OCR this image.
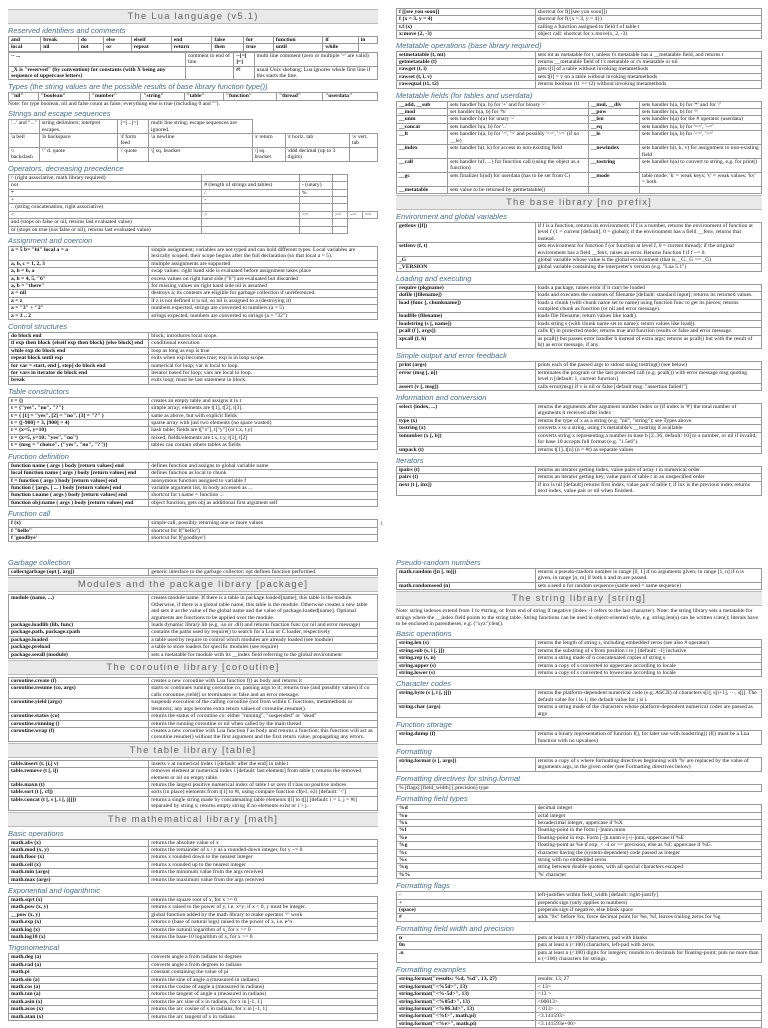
The Lua language (v5.1)
Reserved identifiers and comments
and	break	do	else	elseif	end	false	for	function	if	in
local	nil	not	or	repeat	return	then	true	until	while	
-- ...	comment to end of line	--[=[ ]=]	multi line comment (zero or multiple '=' are valid)
_X is "reserved" (by convention) for constants (with X being any sequence of uppercase letters)		#!	usual Unix shebang; Lua ignores whole first line if this starts the line.
Types (the string values are the possible results of base library function type())
"nil"	"boolean"	"number"	"string"	"table"	"function"	"thread"	"userdata"
Note: for type boolean, nil and false count as false; everything else is true (including 0 and "").
Strings and escape sequences
'...' and "..."	string delimiters; interpret escapes.	[=[...]=]	multi line string; escape sequences are ignored.			
\a bell	\b backspace	\f form feed	\n newline	\r return	\t horiz. tab	\v vert. tab
\\ backslash	\" d. quote	\' quote	\[ sq. bracket	\] sq. bracket	\ddd decimal (up to 3 digits)	
Operators, decreasing precedence
^ (right associative, math library required)					
not	# (length of strings and tables)	- (unary)			
*	/	%			
+	-				
.. (string concatenation, right associative)					
<	>	<=	>=	~=	==
and (stops on false or nil, returns last evaluated value)					
or (stops on true (not false or nil), returns last evaluated value)					
Assignment and coercion
a = 5 b= "hi" local a = a	simple assignment; variables are not typed and can hold different types. Local variables are lexically scoped; their scope begins after the full declaration (so that local a = 5).
a, b, c = 1, 2, 3	multiple assignments are supported
a, b = b, a	swap values: right hand side is evaluated before assignment takes place
a, b = 4, 5, "6"	excess values on right hand side ("6") are evaluated but discarded
a, b = "there"	for missing values on right hand side nil is assumed
a = nil	destroys a; its contents are eligible for garbage collection if unreferenced.
a = z	if z is not defined it is nil, so nil is assigned to a (destroying it)
a = "3" + "2"	numbers expected, strings are converted to numbers (a = 5)
a = 3 .. 2	strings expected, numbers are converted to strings (a = "32")
Control structures
do block end	block; introduces local scope.
if exp then block {elseif exp then block} [else block] end	conditional execution
while exp do block end	loop as long as exp is true
repeat block until exp	exits when exp becomes true; exp is in loop scope.
for var = start, end [, step] do block end	numerical for loop; var is local to loop.
for vars in iterator do block end	iterator based for loop; vars are local to loop.
break	exits loop; must be last statement in block.
Table constructors
t = {}	creates an empty table and assigns it to t
t = {"yes", "no", "?"}	simple array; elements are t[1], t[2], t[3].
t = { [1] = "yes", [2] = "no", [3] = "?" }	same as above, but with explicit fields
t = {[-900] = 3, [900] = 4}	sparse array with just two elements (no space wasted)
t = {x=5, y=10}	hash table; fields are t["x"], t["y"] (or t.x, t.y)
t = {x=5, y=10; "yes", "no"}	mixed, fields/elements are t.x, t.y, t[1], t[2]
t = {msg = "choice", {"yes", "no", "?"}}	tables can contain others tables as fields
Function definition
function name ( args ) body [return values] end	defines function and assigns to global variable name
local function name ( args ) body [return values] end	defines function as local to chunk
f = function ( args ) body [return values] end	anonymous function assigned to variable f
function ( [args, ] ... ) body [return values] end	variable argument list, in body accessed as ...
function t.name ( args ) body [return values] end	shortcut for t.name = function ...
function obj:name ( args ) body [return values] end	object function, gets obj as additional first argument self
Function call
f (x)	simple call, possibly returning one or more values
f "hello"	shortcut for f("hello")
f 'goodbye'	shortcut for f('goodbye')
f [[see you soon]]	shortcut for f([[see you soon]])
f {x = 3, y = 4}	shortcut for f({x = 3, y = 4})
t.f (x)	calling a function assigned to field f of table t
x:move (2, -3)	object call: shortcut for x.move(x, 2, -3)
Metatable operations (base library required)
setmetatable (t, mt)	sets mt as metatable for t, unless t's metatable has a __metatable field, and returns t
getmetatable (t)	returns __metatable field of t's metatable or t's metatable or nil
rawget (t, i)	gets t[i] of a table without invoking metamethods
rawset (t, i, v)	sets t[i] = v on a table without invoking metamethods
rawequal (t1, t2)	returns boolean (t1 == t2) without invoking metamethods
Metatable fields (for tables and userdata)
__add, __sub	sets handler h(a, b) for '+' and for binary '-'	__mul, __div	sets handler h(a, b) for '*' and for '/'
__mod	set handler h(a, b) for '%'	__pow	sets handler h(a, b) for '^'
__unm	sets handler h(a) for unary '-'	__len	sets handler h(a) for the # operator (userdata)
__concat	sets handler h(a, b) for '..'	__eq	sets handler h(a, b) for '==', '~='
__lt	sets handler h(a, b) for '<', '>' and possibly '<=', '>=' (if no __le)	__le	sets handler h(a, b) for '<=', '>='
__index	sets handler h(t, k) for access to non-existing field	__newindex	sets handler h(t, k, v) for assignment to non-existing field
__call	sets handler h(f, ...) for function call (using the object as a function)	__tostring	sets handler h(a) to convert to string, e.g. for print()
__gc	sets finalizer h(ud) for userdata (has to be set from C)	__mode	table mode: 'k' = weak keys; 'v' = weak values; 'kv' = both.
__metatable	sets value to be returned by getmetatable()		
The base library [no prefix]
Environment and global variables
getfenv ([f])	if f is a function, returns its environment; if f is a number, returns the environment of function at level f (1 = current [default], 0 = global); if the environment has a field __fenv, returns that instead.
setfenv (f, t)	sets environment for function f (or function at level f, 0 = current thread); if the original environment has a field __fenv, raises an error. Returns function f if f ~= 0.
_G	global variable whose value is the global environment (that is, _G._G == _G)
_VERSION	global variable containing the interpreter's version (e.g. "Lua 5.1")
Loading and executing
require (pkgname)	loads a package, raises error if it can't be loaded
dofile ([filename])	loads and executes the contents of filename [default: standard input]; returns its returned values.
load (func [, chunkname])	loads a chunk (with chunk name set to name) using function func to get its pieces; returns compiled chunk as function (or nil and error message).
loadfile (filename)	loads file filename; return values like load().
loadstring (s [, name])	loads string s (with chunk name set to name); return values like load().
pcall (f [, args])	calls f() in protected mode; returns true and function results or false and error message.
xpcall (f, h)	as pcall() but passes error handler h instead of extra args; returns as pcall() but with the result of h() as error message, if any.
Simple output and error feedback
print (args)	prints each of the passed args to stdout using tostring() (see below)
error (msg [, n])	terminates the program or the last protected call (e.g. pcall()) with error message msg quoting level n [default: 1, current function]
assert (v [, msg])	calls error(msg) if v is nil or false [default msg: "assertion failed!"]
Information and conversion
select (index, ...)	returns the arguments after argument number index or (if index is '#') the total number of arguments it received after index
type (x)	returns the type of x as a string (e.g. "nil", "string"); see Types above.
tostring (x)	converts x to a string, using t's metatable's __tostring if available
tonumber (x [, b])	converts string x representing a number in base b [2..36, default: 10] to a number, or nil if invalid; for base 10 accepts full format (e.g. "1.5e6").
unpack (t)	returns t[1]..t[n] (n = #t) as separate values
Iterators
ipairs (t)	returns an iterator getting index, value pairs of array t in numerical order
pairs (t)	returns an iterator getting key, value pairs of table t in an unspecified order
next (t [, inx])	if inx is nil [default] returns first index, value pair of table t; if inx is the previous index returns next index, value pair or nil when finished.
1
Garbage collection
collectgarbage (opt [, arg])	generic interface to the garbage collector; opt defines function performed.
Modules and the package library [package]
module (name, ...)	creates module name. If there is a table in package.loaded[name], this table is the module. Otherwise, if there is a global table name, this table is the module. Otherwise creates a new table and sets it as the value of the global name and the value of package.loaded[name]. Optional arguments are functions to be applied over the module.
package.loadlib (lib, func)	loads dynamic library lib (e.g. .so or .dll) and returns function func (or nil and error message)
package.path, package.cpath	contains the paths used by require() to search for a Lua or C loader, respectively
package.loaded	a table used by require to control which modules are already loaded (see module)
package.preload	a table to store loaders for specific modules (see require)
package.seeall (module)	sets a metatable for module with its __index field referring to the global environment
The coroutine library [coroutine]
coroutine.create (f)	creates a new coroutine with Lua function f() as body and returns it
coroutine.resume (co, args)	starts or continues running coroutine co, passing args to it; returns true (and possibly values) if co calls coroutine.yield() or terminates or false and an error message.
coroutine.yield (args)	suspends execution of the calling coroutine (not from within C functions, metamethods or iterators); any args become extra return values of coroutine.resume().
coroutine.status (co)	returns the status of coroutine co: either "running", "suspended" or "dead"
coroutine.running ()	returns the running coroutine or nil when called by the main thread
coroutine.wrap (f)	creates a new coroutine with Lua function f as body and returns a function; this function will act as coroutine.resume() without the first argument and the first return value, propagating any errors.
The table library [table]
table.insert (t, [i,] v)	inserts v at numerical index i [default: after the end] in table t
table.remove (t [, i])	removes element at numerical index i [default: last element] from table t; returns the removed element or nil on empty table.
table.maxn (t)	returns the largest positive numerical index of table t or zero if t has no positive indices
table.sort (t [, cf])	sorts (in place) elements from t[1] to #t, using compare function cf(e1, e2) [default: '<']
table.concat (t [, s [, i [, j]]])	returns a single string made by concatenating table elements t[i] to t[j] [default: i = 1, j = #t] separated by string s; returns empty string if no elements exist or i > j.
The mathematical library [math]
Basic operations
math.abs (x)	returns the absolute value of x
math.mod (x, y)	returns the remainder of x / y as a rounded-down integer, for y ~= 0
math.floor (x)	returns x rounded down to the nearest integer
math.ceil (x)	returns x rounded up to the nearest integer
math.min (args)	returns the minimum value from the args received
math.max (args)	returns the maximum value from the args received
Exponential and logarithmic
math.sqrt (x)	returns the square root of x, for x >= 0
math.pow (x, y)	returns x raised to the power of y, i.e. x^y; if x < 0, y must be integer.
__pow (x, y)	global function added by the math library to make operator '^' work
math.exp (x)	returns e (base of natural logs) raised to the power of x, i.e. e^x
math.log (x)	returns the natural logarithm of x, for x >= 0
math.log10 (x)	returns the base-10 logarithm of x, for x >= 0
Trigonometrical
math.deg (a)	converts angle a from radians to degrees
math.rad (a)	converts angle a from degrees to radians
math.pi	constant containing the value of pi
math.sin (a)	returns the sine of angle a (measured in radians)
math.cos (a)	returns the cosine of angle a (measured in radians)
math.tan (a)	returns the tangent of angle a (measured in radians)
math.asin (x)	returns the arc sine of x in radians, for x in [-1, 1]
math.acos (x)	returns the arc cosine of x in radians, for x in [-1, 1]
math.atan (x)	returns the arc tangent of x in radians
Pseudo-random numbers
math.random ([n [, m]])	returns a pseudo-random number in range [0, 1] if no arguments given; in range [1, n] if n is given, in range [n, m] if both n and m are passed.
math.randomseed (n)	sets a seed n for random sequence (same seed = same sequence)
The string library [string]
Note: string indexes extend from 1 to #string, or from end of string if negative (index -1 refers to the last character). Note: the string library sets a metatable for strings where the __index field points to the string table. String functions can be used in object-oriented style, e.g. string.len(s) can be written s:len(); literals have to be enclosed in parentheses, e.g. ("xyz"):len().
Basic operations
string.len (s)	returns the length of string s, including embedded zeros (see also # operator)
string.sub (s, i [, j])	returns the substring of s from position i to j [default: -1] inclusive
string.rep (s, n)	returns a string made of n concatenated copies of string s
string.upper (s)	returns a copy of s converted to uppercase according to locale
string.lower (s)	returns a copy of s converted to lowercase according to locale
Character codes
string.byte (s [, i [, j]])	returns the platform-dependent numerical code (e.g. ASCII) of characters s[i], s[i+1], ···, s[j]. The default value for i is 1; the default value for j is i.
string.char (args)	returns a string made of the characters whose platform-dependent numerical codes are passed as args
Function storage
string.dump (f)	returns a binary representation of function f(), for later use with loadstring() (f() must be a Lua function with no upvalues)
Formatting
string.format (s [, args])	returns a copy of s where formatting directives beginning with '%' are replaced by the value of arguments args, in the given order (see Formatting directives below)
Formatting directives for string.format
% [flags] [field_width] [.precision] type
Formatting field types
%d	decimal integer
%o	octal integer
%x	hexadecimal integer, uppercase if %X
%f	floating-point in the form [-]nnnn.nnnn
%e	floating-point in exp. Form [-]n.nnnn e [+|-]nnn, uppercase if %E
%g	floating-point as %e if exp. < -4 or >= precision, else as %f; uppercase if %G.
%c	character having the (system-dependent) code passed as integer
%s	string with no embedded zeros
%q	string between double quotes, with all special characters escaped
%%	'%' character
Formatting flags
-	left-justifies within field_width [default: right-justify]
+	prepends sign (only applies to numbers)
(space)	prepends sign if negative, else blank space
#	adds "0x" before %x, force decimal point for %e, %f, leaves trailing zeros for %g
Formatting field width and precision
n	puts at least n (<100) characters, pad with blanks
0n	puts at least n (<100) characters, left-pad with zeros
.n	puts at least n (<100) digits for integers; rounds to n decimals for floating-point; puts no more than n (<100) characters for strings.
Formatting examples
string.format("results: %d, %d", 13, 27)	results: 13, 27
string.format("<%5d>", 13)	< 13>
string.format("<%-5d>", 13)	<13 >
string.format("<%05d>", 13)	<00013>
string.format("<%06.3d>", 13)	< 013>
string.format("<%f>", math.pi)	<3.141593>
string.format("<%e>", math.pi)	<3.141593e+00>
